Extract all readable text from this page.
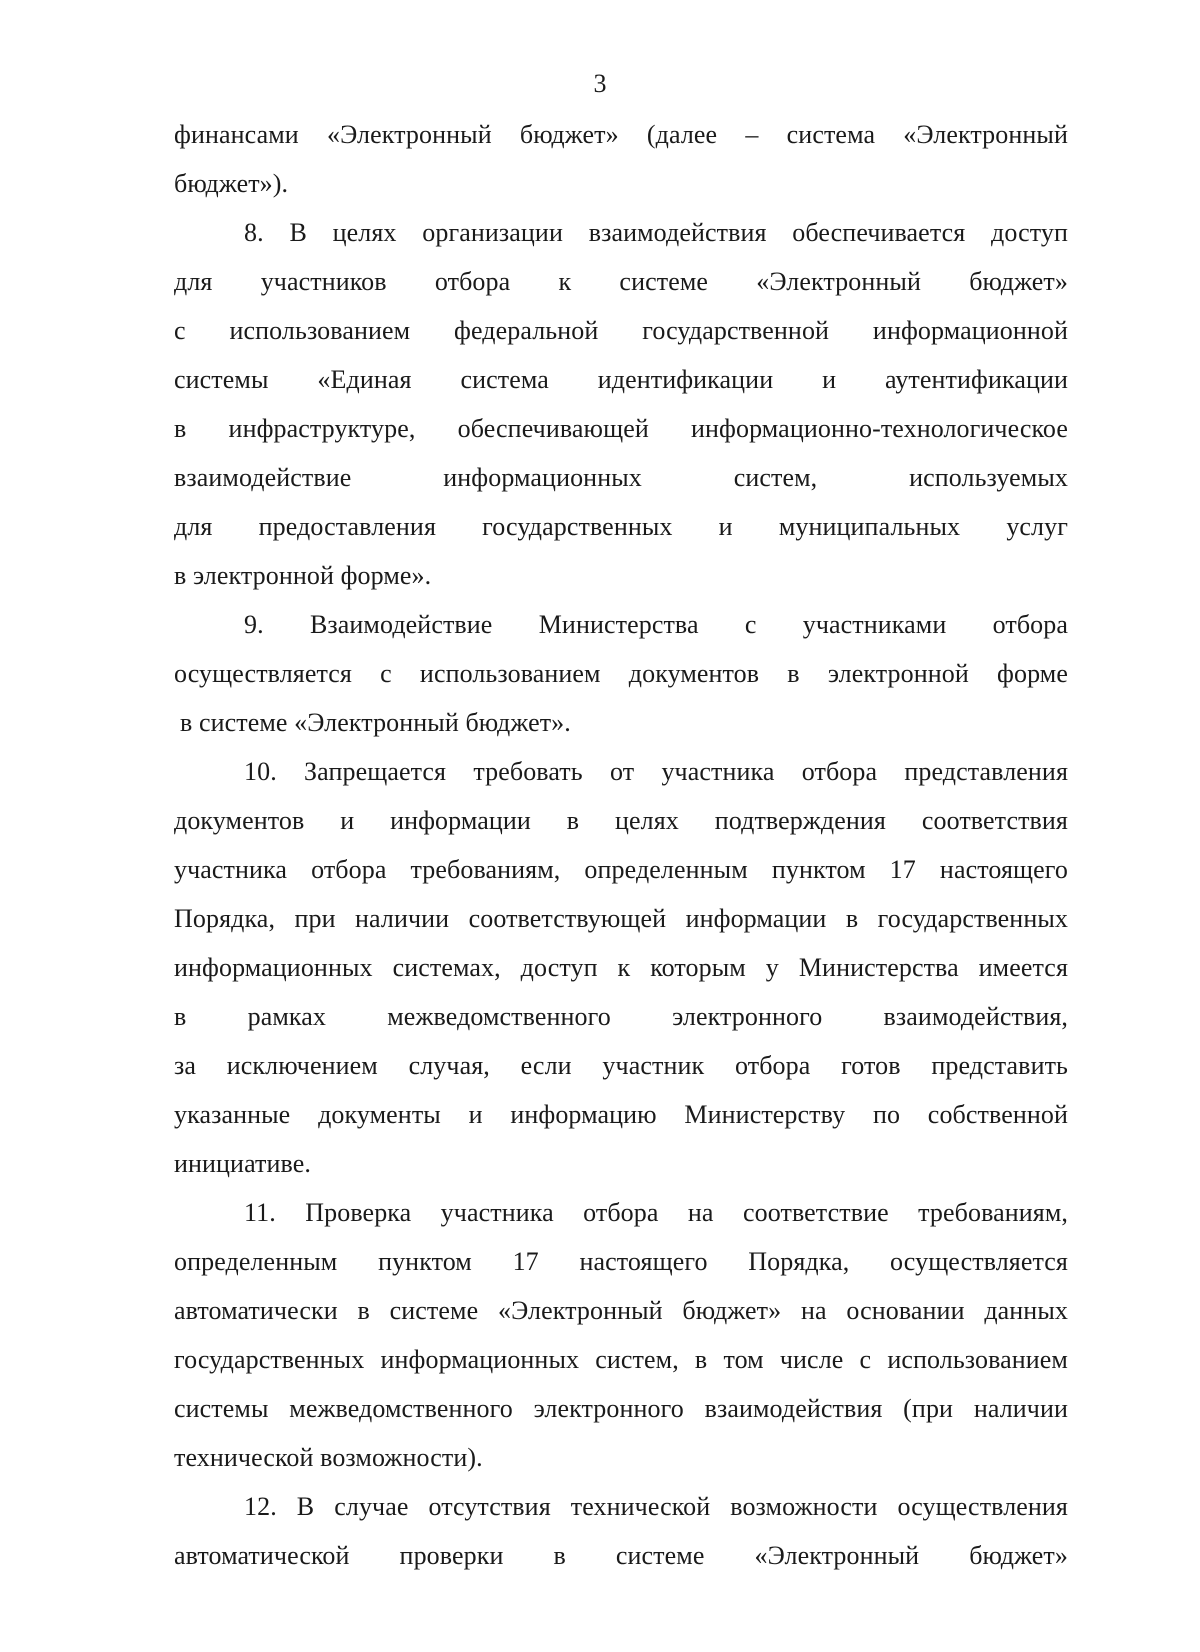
3
финансами «Электронный бюджет» (далее – система «Электронный
бюджет»).
8. В целях организации взаимодействия обеспечивается доступ
для участников отбора к системе «Электронный бюджет»
с использованием федеральной государственной информационной
системы «Единая система идентификации и аутентификации
в инфраструктуре, обеспечивающей информационно-технологическое
взаимодействие информационных систем, используемых
для предоставления государственных и муниципальных услуг
в электронной форме».
9. Взаимодействие Министерства с участниками отбора
осуществляется с использованием документов в электронной форме
в системе «Электронный бюджет».
10. Запрещается требовать от участника отбора представления
документов и информации в целях подтверждения соответствия
участника отбора требованиям, определенным пунктом 17 настоящего
Порядка, при наличии соответствующей информации в государственных
информационных системах, доступ к которым у Министерства имеется
в рамках межведомственного электронного взаимодействия,
за исключением случая, если участник отбора готов представить
указанные документы и информацию Министерству по собственной
инициативе.
11. Проверка участника отбора на соответствие требованиям,
определенным пунктом 17 настоящего Порядка, осуществляется
автоматически в системе «Электронный бюджет» на основании данных
государственных информационных систем, в том числе с использованием
системы межведомственного электронного взаимодействия (при наличии
технической возможности).
12. В случае отсутствия технической возможности осуществления
автоматической проверки в системе «Электронный бюджет»
